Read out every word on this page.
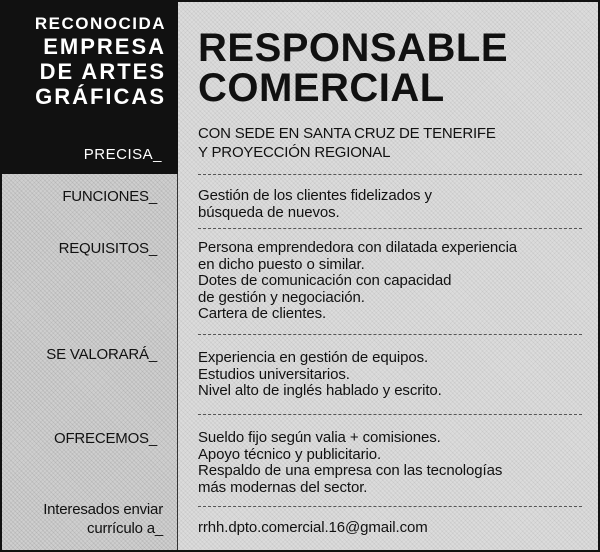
RECONOCIDA
EMPRESA
DE ARTES
GRÁFICAS
PRECISA_
FUNCIONES_
REQUISITOS_
SE VALORARÁ_
OFRECEMOS_
Interesados enviar
currículo a_
RESPONSABLE
COMERCIAL
CON SEDE EN SANTA CRUZ DE TENERIFE
Y PROYECCIÓN REGIONAL
Gestión de los clientes fidelizados y
búsqueda de nuevos.
Persona emprendedora con dilatada experiencia
en dicho puesto o similar.
Dotes de comunicación con capacidad
de gestión y negociación.
Cartera de clientes.
Experiencia en gestión de equipos.
Estudios universitarios.
Nivel alto de inglés hablado y escrito.
Sueldo fijo según valia + comisiones.
Apoyo técnico y publicitario.
Respaldo de una empresa con las tecnologías
más modernas del sector.
rrhh.dpto.comercial.16@gmail.com
